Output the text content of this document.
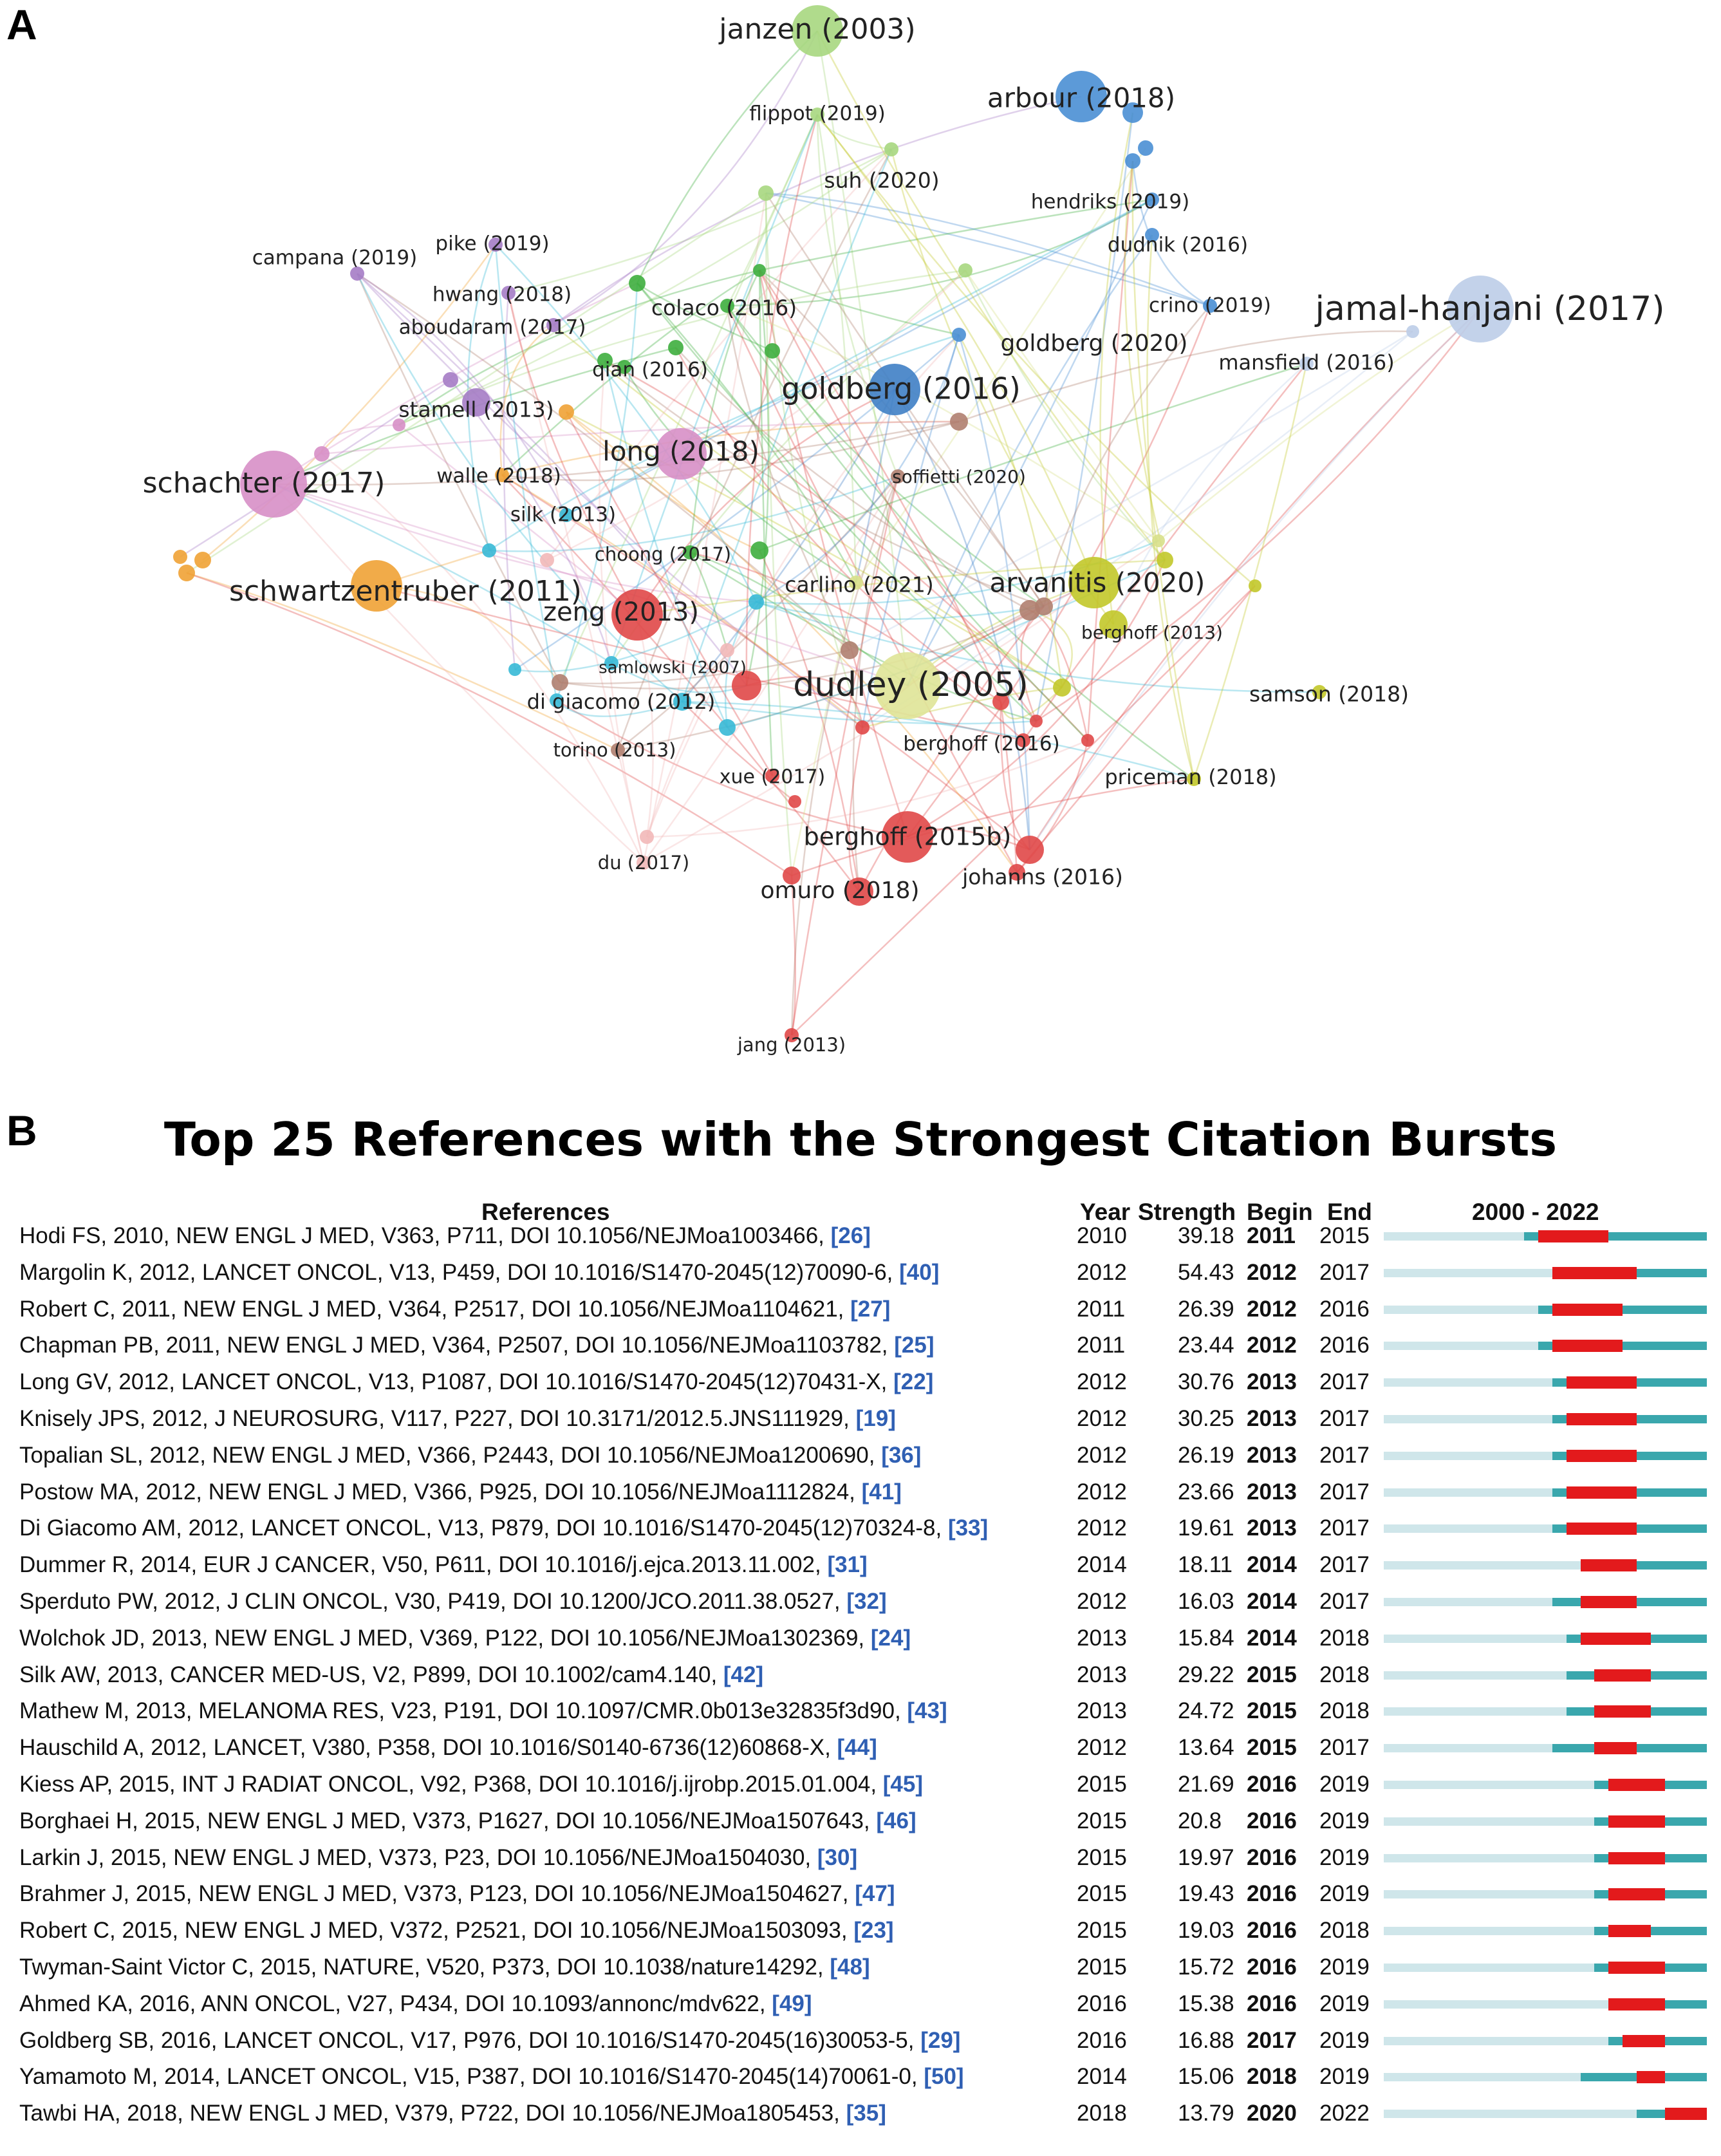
A	janzen (2003)
flippot (2019)
suh (2020)
arbour (2018)
hendriks (2019)
dudnik (2016)
crino (2019) jamal-hanjani (2017)
goldberg (2020)
mansfield (2016)
goldberg (2016)
campana (2019)
pike (2019)
hwang (2018)
aboudaram (2017)
colaco (2016)
qian (2016)
stamell (2013)
long (2018)
schachter (2017)	walle (2018)	soffietti (2020)
silk (2013)
choong (2017)
schwartzentruber (2011)
zeng (2013)
carlino (2021) arvanitis (2020)
berghoff (2013)
samlowski (2007) dudley (2005)	samson (2018)
di giacomo (2012)
torino (2013)	berghoff (2016)
xue (2017)	priceman (2018)
berghoff (2015b)
johanns (2016)
du (2017)
omuro (2018)
jang (2013)
B	Top 25 References with the Strongest Citation Bursts
References	Year Strength Begin End	2000 - 2022
Hodi FS, 2010, NEW ENGL J MED, V363, P711, DOI 10.1056/NEJMoa1003466, [26]	2010 39.18 2011 2015
Margolin K, 2012, LANCET ONCOL, V13, P459, DOI 10.1016/S1470-2045(12)70090-6, [40]	2012 54.43 2012 2017
Robert C, 2011, NEW ENGL J MED, V364, P2517, DOI 10.1056/NEJMoa1104621, [27]	2011 26.39 2012 2016
Chapman PB, 2011, NEW ENGL J MED, V364, P2507, DOI 10.1056/NEJMoa1103782, [25]	2011 23.44 2012 2016
Long GV, 2012, LANCET ONCOL, V13, P1087, DOI 10.1016/S1470-2045(12)70431-X, [22]	2012 30.76 2013 2017
Knisely JPS, 2012, J NEUROSURG, V117, P227, DOI 10.3171/2012.5.JNS111929, [19]	2012 30.25 2013 2017
Topalian SL, 2012, NEW ENGL J MED, V366, P2443, DOI 10.1056/NEJMoa1200690, [36]	2012 26.19 2013 2017
Postow MA, 2012, NEW ENGL J MED, V366, P925, DOI 10.1056/NEJMoa1112824, [41]	2012 23.66 2013 2017
Di Giacomo AM, 2012, LANCET ONCOL, V13, P879, DOI 10.1016/S1470-2045(12)70324-8, [33]	2012 19.61 2013 2017
Dummer R, 2014, EUR J CANCER, V50, P611, DOI 10.1016/j.ejca.2013.11.002, [31]	2014 18.11 2014 2017
Sperduto PW, 2012, J CLIN ONCOL, V30, P419, DOI 10.1200/JCO.2011.38.0527, [32]	2012 16.03 2014 2017
Wolchok JD, 2013, NEW ENGL J MED, V369, P122, DOI 10.1056/NEJMoa1302369, [24]	2013 15.84 2014 2018
Silk AW, 2013, CANCER MED-US, V2, P899, DOI 10.1002/cam4.140, [42]	2013 29.22 2015 2018
Mathew M, 2013, MELANOMA RES, V23, P191, DOI 10.1097/CMR.0b013e32835f3d90, [43]	2013 24.72 2015 2018
Hauschild A, 2012, LANCET, V380, P358, DOI 10.1016/S0140-6736(12)60868-X, [44]	2012 13.64 2015 2017
Kiess AP, 2015, INT J RADIAT ONCOL, V92, P368, DOI 10.1016/j.ijrobp.2015.01.004, [45]	2015 21.69 2016 2019
Borghaei H, 2015, NEW ENGL J MED, V373, P1627, DOI 10.1056/NEJMoa1507643, [46]	2015 20.8 2016 2019
Larkin J, 2015, NEW ENGL J MED, V373, P23, DOI 10.1056/NEJMoa1504030, [30]	2015 19.97 2016 2019
Brahmer J, 2015, NEW ENGL J MED, V373, P123, DOI 10.1056/NEJMoa1504627, [47]	2015 19.43 2016 2019
Robert C, 2015, NEW ENGL J MED, V372, P2521, DOI 10.1056/NEJMoa1503093, [23]	2015 19.03 2016 2018
Twyman-Saint Victor C, 2015, NATURE, V520, P373, DOI 10.1038/nature14292, [48]	2015 15.72 2016 2019
Ahmed KA, 2016, ANN ONCOL, V27, P434, DOI 10.1093/annonc/mdv622, [49]	2016 15.38 2016 2019
Goldberg SB, 2016, LANCET ONCOL, V17, P976, DOI 10.1016/S1470-2045(16)30053-5, [29]	2016 16.88 2017 2019
Yamamoto M, 2014, LANCET ONCOL, V15, P387, DOI 10.1016/S1470-2045(14)70061-0, [50]	2014 15.06 2018 2019
Tawbi HA, 2018, NEW ENGL J MED, V379, P722, DOI 10.1056/NEJMoa1805453, [35]	2018 13.79 2020 2022
